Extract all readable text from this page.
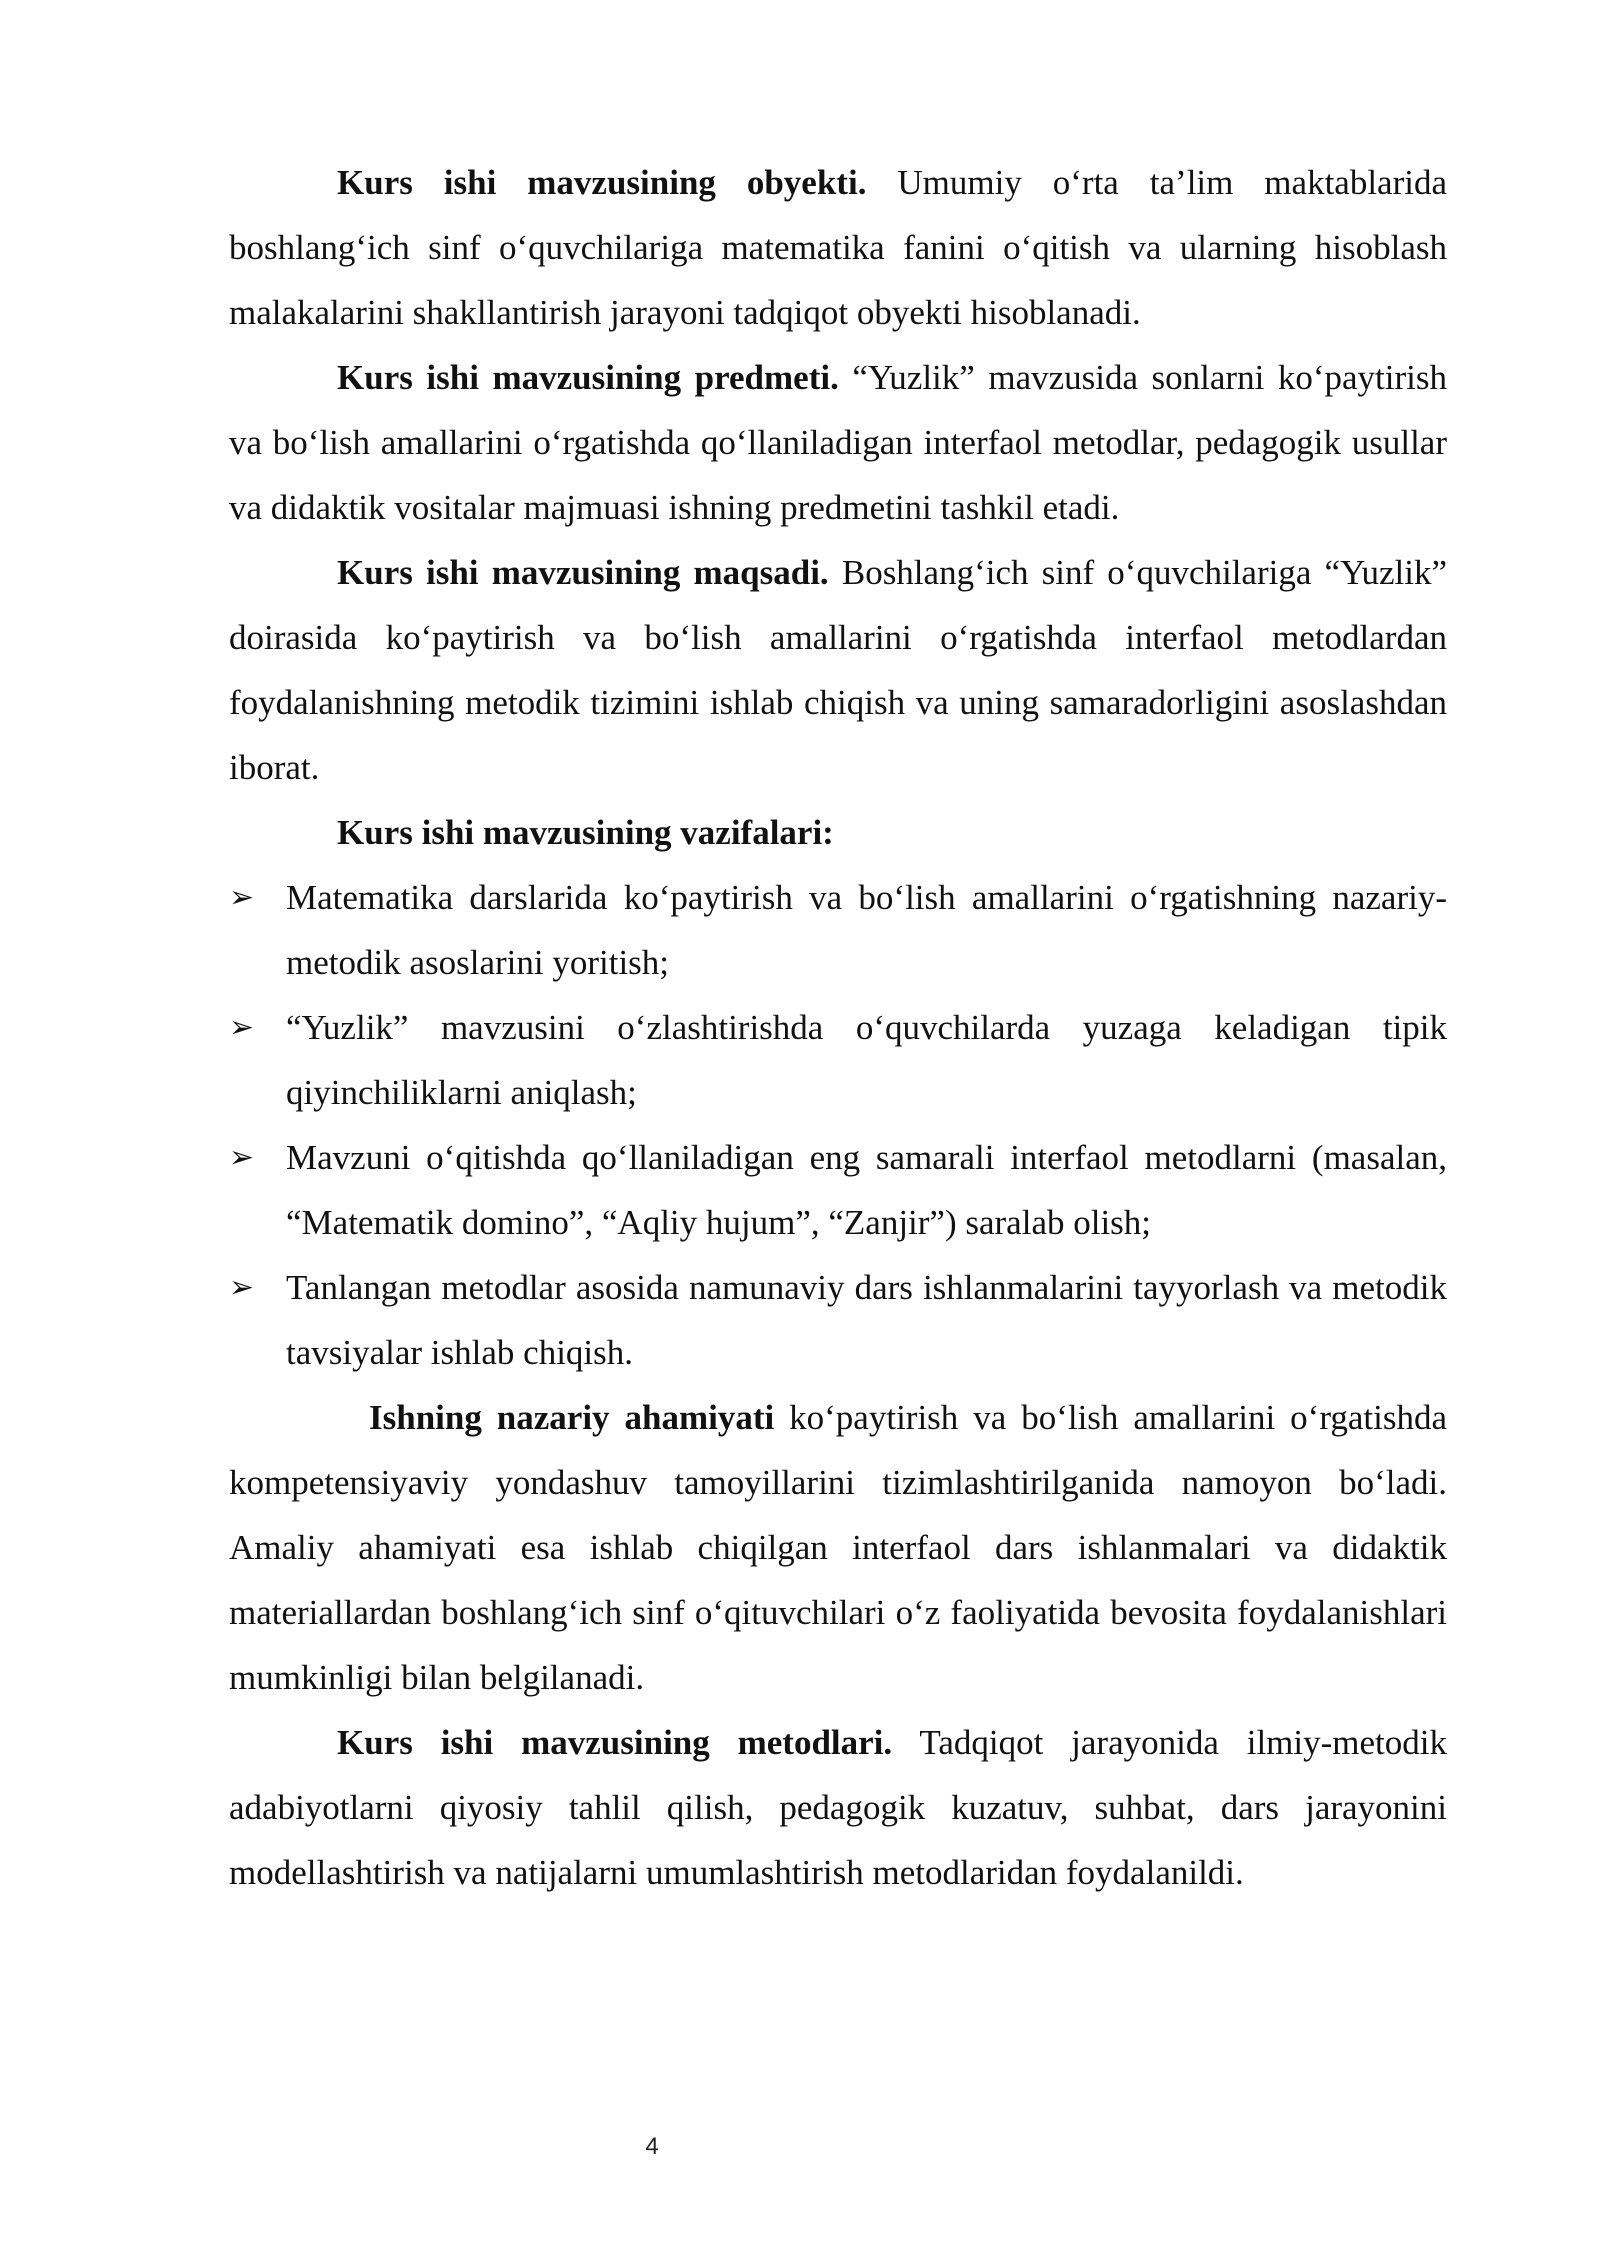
Kurs ishi mavzusining obyekti. Umumiy o‘rta ta’lim maktablarida boshlang‘ich sinf o‘quvchilariga matematika fanini o‘qitish va ularning hisoblash malakalarini shakllantirish jarayoni tadqiqot obyekti hisoblanadi.

Kurs ishi mavzusining predmeti. “Yuzlik” mavzusida sonlarni ko‘paytirish va bo‘lish amallarini o‘rgatishda qo‘llaniladigan interfaol metodlar, pedagogik usullar va didaktik vositalar majmuasi ishning predmetini tashkil etadi.

Kurs ishi mavzusining maqsadi. Boshlang‘ich sinf o‘quvchilariga “Yuzlik” doirasida ko‘paytirish va bo‘lish amallarini o‘rgatishda interfaol metodlardan foydalanishning metodik tizimini ishlab chiqish va uning samaradorligini asoslashdan iborat.

Kurs ishi mavzusining vazifalari:

➢ Matematika darslarida ko‘paytirish va bo‘lish amallarini o‘rgatishning nazariy-metodik asoslarini yoritish;
➢ “Yuzlik” mavzusini o‘zlashtirishda o‘quvchilarda yuzaga keladigan tipik qiyinchiliklarni aniqlash;
➢ Mavzuni o‘qitishda qo‘llaniladigan eng samarali interfaol metodlarni (masalan, “Matematik domino”, “Aqliy hujum”, “Zanjir”) saralab olish;
➢ Tanlangan metodlar asosida namunaviy dars ishlanmalarini tayyorlash va metodik tavsiyalar ishlab chiqish.

Ishning nazariy ahamiyati ko‘paytirish va bo‘lish amallarini o‘rgatishda kompetensiyaviy yondashuv tamoyillarini tizimlashtirilganida namoyon bo‘ladi. Amaliy ahamiyati esa ishlab chiqilgan interfaol dars ishlanmalari va didaktik materiallardan boshlang‘ich sinf o‘qituvchilari o‘z faoliyatida bevosita foydalanishlari mumkinligi bilan belgilanadi.

Kurs ishi mavzusining metodlari. Tadqiqot jarayonida ilmiy-metodik adabiyotlarni qiyosiy tahlil qilish, pedagogik kuzatuv, suhbat, dars jarayonini modellashtirish va natijalarni umumlashtirish metodlaridan foydalanildi.

4
